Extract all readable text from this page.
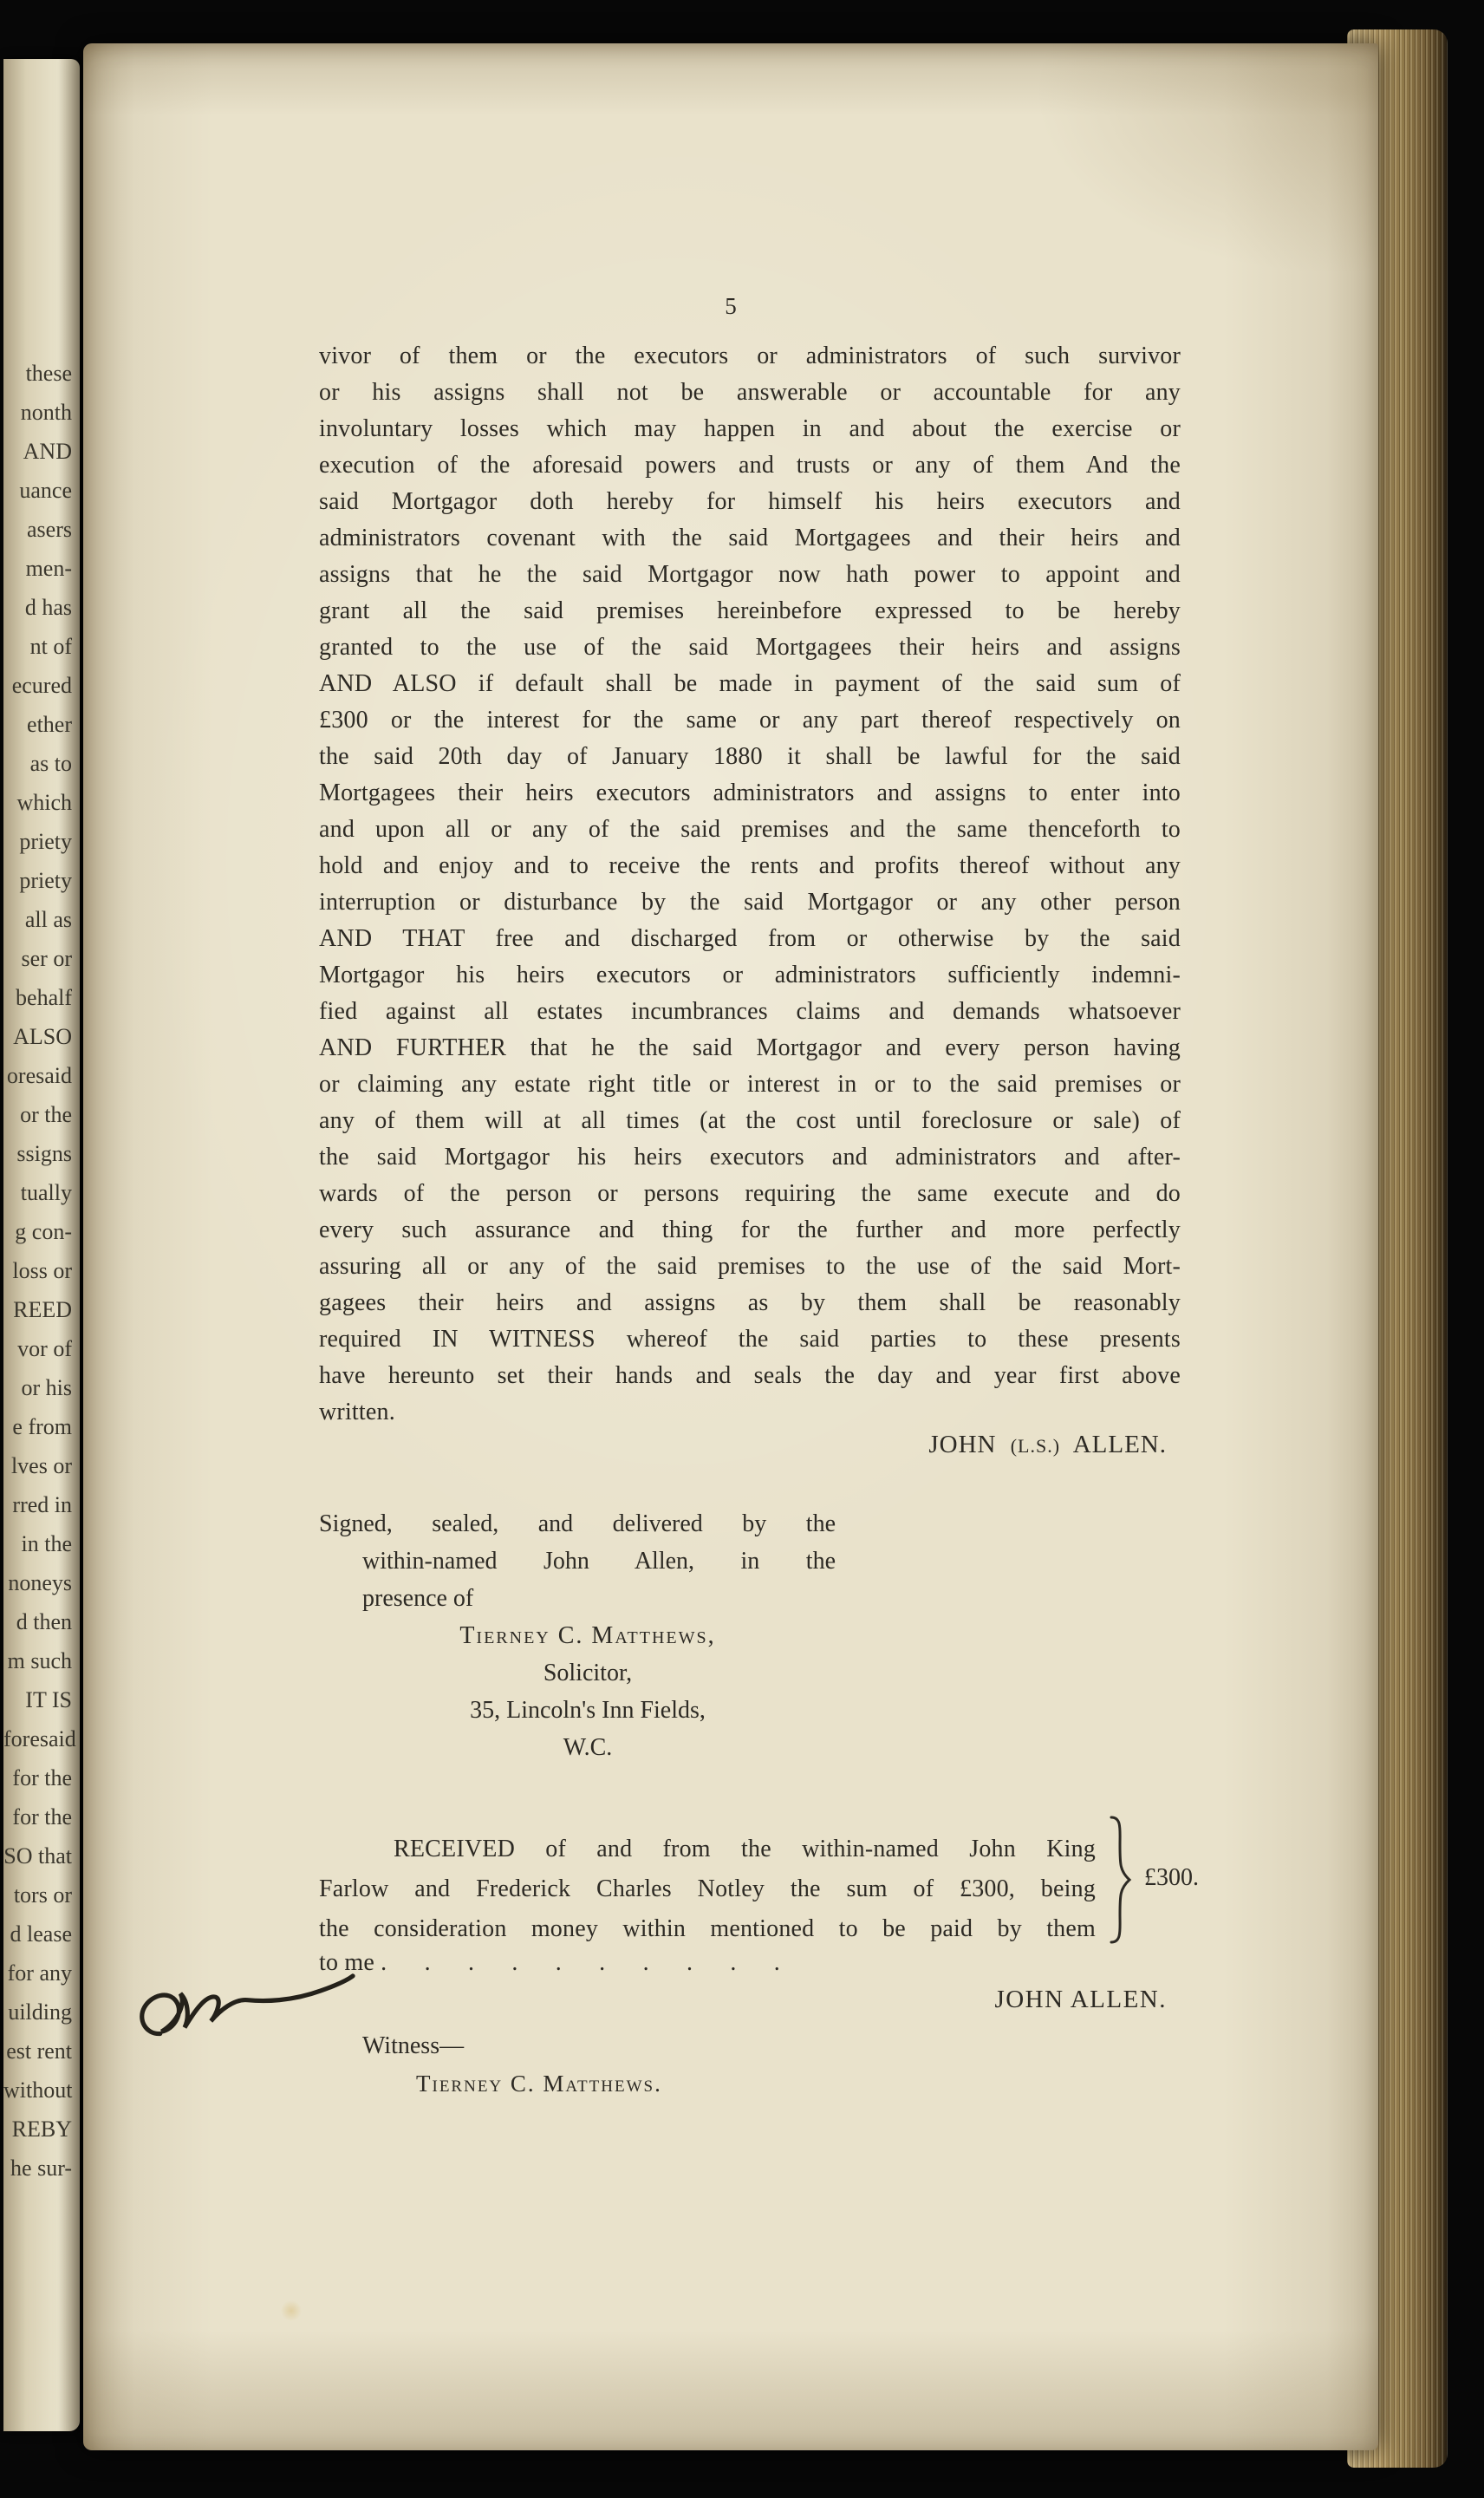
these
nonth
AND
uance
asers
men-
d has
nt of
ecured
ether
as to
which
priety
priety
all as
ser or
behalf
ALSO
oresaid
or the
ssigns
tually
g con-
loss or
REED
vor of
or his
e from
lves or
rred in
in the
noneys
d then
m such
IT IS
foresaid
for the
for the
SO that
tors or
d lease
for any
uilding
est rent
without
REBY
he sur-
5
vivor of them or the executors or administrators of such survivor
or his assigns shall not be answerable or accountable for any
involuntary losses which may happen in and about the exercise or
execution of the aforesaid powers and trusts or any of them And the
said Mortgagor doth hereby for himself his heirs executors and
administrators covenant with the said Mortgagees and their heirs and
assigns that he the said Mortgagor now hath power to appoint and
grant all the said premises hereinbefore expressed to be hereby
granted to the use of the said Mortgagees their heirs and assigns
AND ALSO if default shall be made in payment of the said sum of
£300 or the interest for the same or any part thereof respectively on
the said 20th day of January 1880 it shall be lawful for the said
Mortgagees their heirs executors administrators and assigns to enter into
and upon all or any of the said premises and the same thenceforth to
hold and enjoy and to receive the rents and profits thereof without any
interruption or disturbance by the said Mortgagor or any other person
AND THAT free and discharged from or otherwise by the said
Mortgagor his heirs executors or administrators sufficiently indemni-
fied against all estates incumbrances claims and demands whatsoever
AND FURTHER that he the said Mortgagor and every person having
or claiming any estate right title or interest in or to the said premises or
any of them will at all times (at the cost until foreclosure or sale) of
the said Mortgagor his heirs executors and administrators and after-
wards of the person or persons requiring the same execute and do
every such assurance and thing for the further and more perfectly
assuring all or any of the said premises to the use of the said Mort-
gagees their heirs and assigns as by them shall be reasonably
required IN WITNESS whereof the said parties to these presents
have hereunto set their hands and seals the day and year first above
written.
JOHN (L.S.) ALLEN.
Signed, sealed, and delivered by the
within-named John Allen, in the
presence of
Tierney C. Matthews,
Solicitor,
35, Lincoln's Inn Fields,
W.C.
RECEIVED of and from the within-named John King
Farlow and Frederick Charles Notley the sum of £300, being
the consideration money within mentioned to be paid by them
to me .      .      .      .      .      .      .      .      .      .
£300.
JOHN ALLEN.
Witness—
Tierney C. Matthews.
